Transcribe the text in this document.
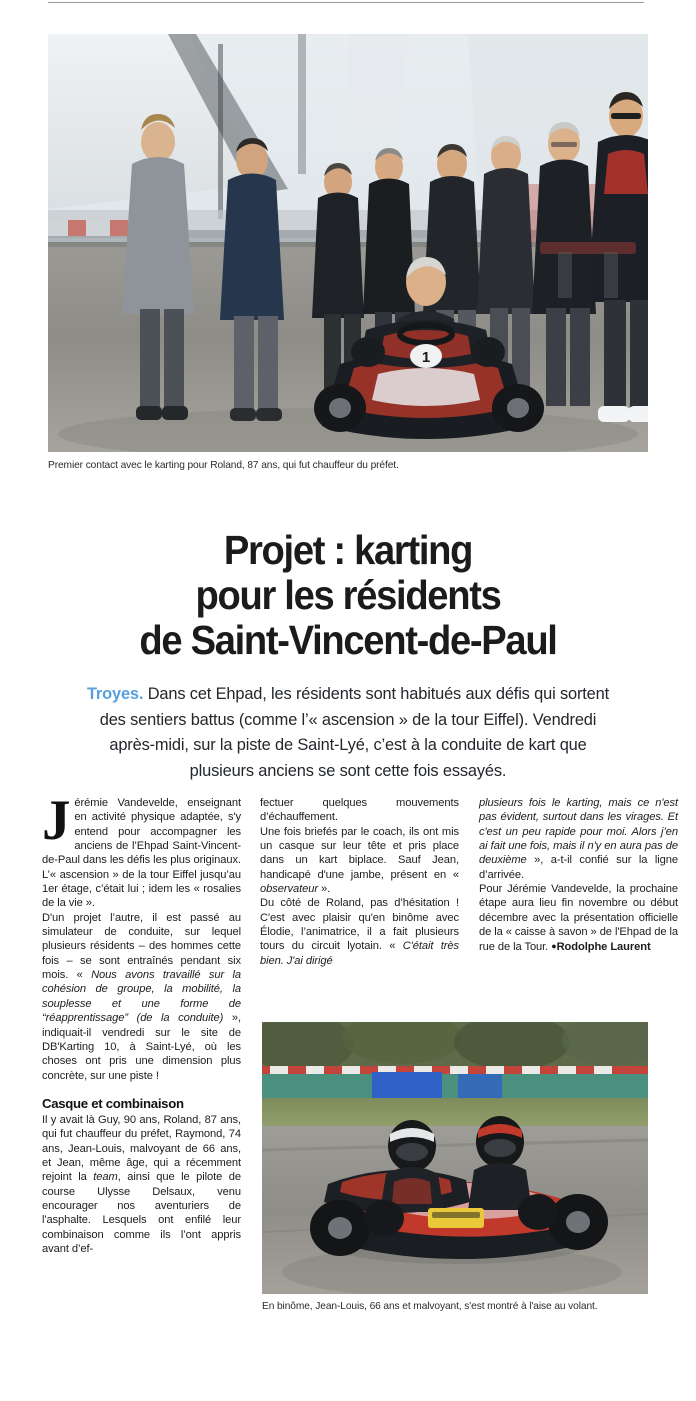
1
Premier contact avec le karting pour Roland, 87 ans, qui fut chauffeur du préfet.
Projet : karting
pour les résidents
de Saint-Vincent-de-Paul
Troyes. Dans cet Ehpad, les résidents sont habitués aux défis qui sortent des sentiers battus (comme l’« ascension » de la tour Eiffel). Vendredi après-midi, sur la piste de Saint-Lyé, c’est à la conduite de kart que plusieurs anciens se sont cette fois essayés.

Jérémie Vandevelde, enseignant en activité physique adaptée, s'y entend pour accompagner les anciens de l’Ehpad Saint-Vincent-de-Paul dans les défis les plus originaux. L’« ascension » de la tour Eiffel jusqu’au 1er étage, c’était lui ; idem les « rosalies de la vie ».

D'un projet l’autre, il est passé au simulateur de conduite, sur lequel plusieurs résidents – des hommes cette fois – se sont entraînés pendant six mois. « Nous avons travaillé sur la cohésion de groupe, la mobilité, la souplesse et une forme de “réapprentissage” (de la conduite) », indiquait-il vendredi sur le site de DB'Karting 10, à Saint-Lyé, où les choses ont pris une dimension plus concrète, sur une piste !

Casque et combinaison

Il y avait là Guy, 90 ans, Roland, 87 ans, qui fut chauffeur du préfet, Raymond, 74 ans, Jean-Louis, malvoyant de 66 ans, et Jean, même âge, qui a récemment rejoint la team, ainsi que le pilote de course Ulysse Delsaux, venu encourager nos aventuriers de l'asphalte. Lesquels ont enfilé leur combinaison comme ils l’ont appris avant d’ef-

fectuer quelques mouvements d’échauffement.

Une fois briefés par le coach, ils ont mis un casque sur leur tête et pris place dans un kart biplace. Sauf Jean, handicapé d'une jambe, présent en « observateur ».

Du côté de Roland, pas d’hésitation ! C'est avec plaisir qu'en binôme avec Élodie, l’animatrice, il a fait plusieurs tours du circuit lyotain. « C'était très bien. J'ai dirigé

plusieurs fois le karting, mais ce n'est pas évident, surtout dans les virages. Et c'est un peu rapide pour moi. Alors j’en ai fait une fois, mais il n'y en aura pas de deuxième », a-t-il confié sur la ligne d’arrivée.

Pour Jérémie Vandevelde, la prochaine étape aura lieu fin novembre ou début décembre avec la présentation officielle de la « caisse à savon » de l'Ehpad de la rue de la Tour. ●Rodolphe Laurent

En binôme, Jean-Louis, 66 ans et malvoyant, s'est montré à l'aise au volant.
